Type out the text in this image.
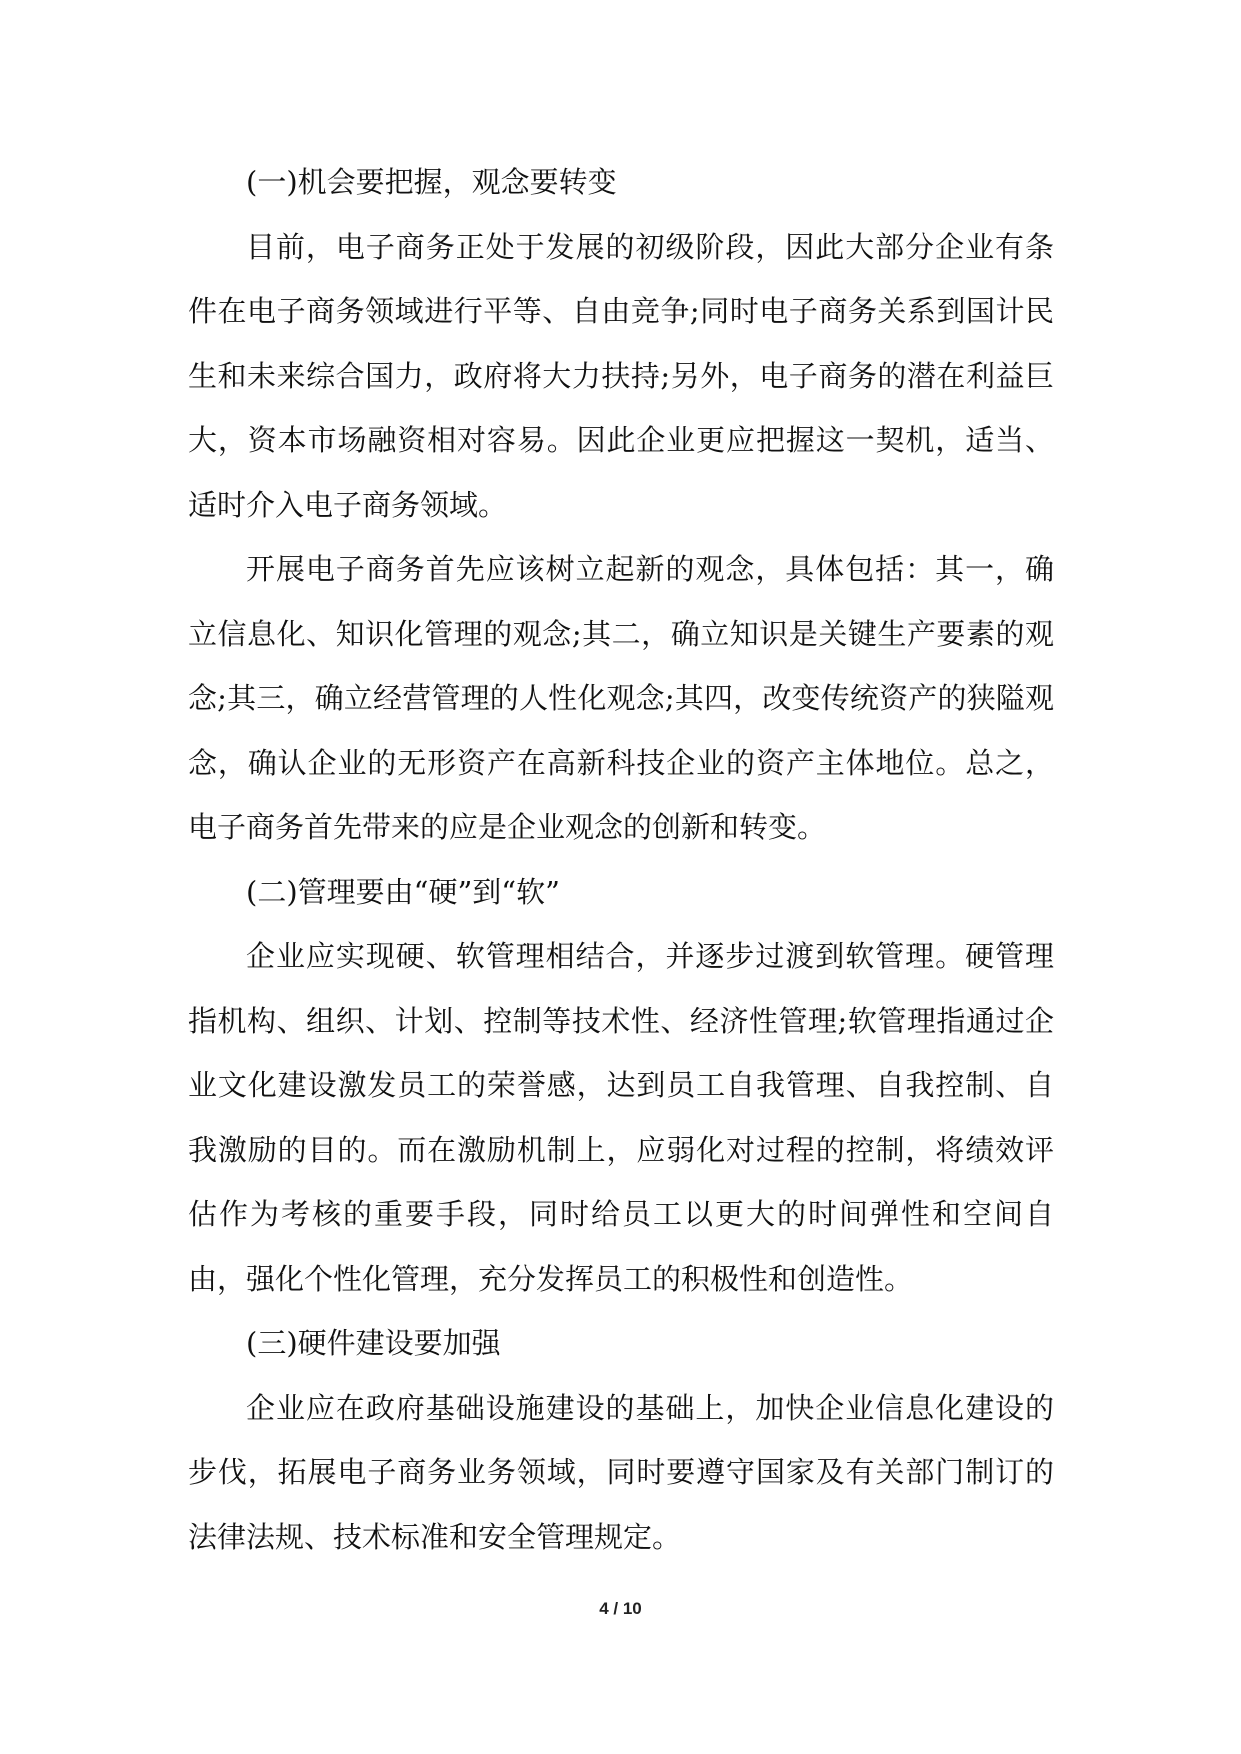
(一)机会要把握，观念要转变

目前，电子商务正处于发展的初级阶段，因此大部分企业有条件在电子商务领域进行平等、自由竞争;同时电子商务关系到国计民生和未来综合国力，政府将大力扶持;另外，电子商务的潜在利益巨大，资本市场融资相对容易。因此企业更应把握这一契机，适当、适时介入电子商务领域。

开展电子商务首先应该树立起新的观念，具体包括：其一，确立信息化、知识化管理的观念;其二，确立知识是关键生产要素的观念;其三，确立经营管理的人性化观念;其四，改变传统资产的狭隘观念，确认企业的无形资产在高新科技企业的资产主体地位。总之，电子商务首先带来的应是企业观念的创新和转变。

(二)管理要由“硬”到“软”

企业应实现硬、软管理相结合，并逐步过渡到软管理。硬管理指机构、组织、计划、控制等技术性、经济性管理;软管理指通过企业文化建设激发员工的荣誉感，达到员工自我管理、自我控制、自我激励的目的。而在激励机制上，应弱化对过程的控制，将绩效评估作为考核的重要手段，同时给员工以更大的时间弹性和空间自由，强化个性化管理，充分发挥员工的积极性和创造性。

(三)硬件建设要加强

企业应在政府基础设施建设的基础上，加快企业信息化建设的步伐，拓展电子商务业务领域，同时要遵守国家及有关部门制订的法律法规、技术标准和安全管理规定。

4 / 10
